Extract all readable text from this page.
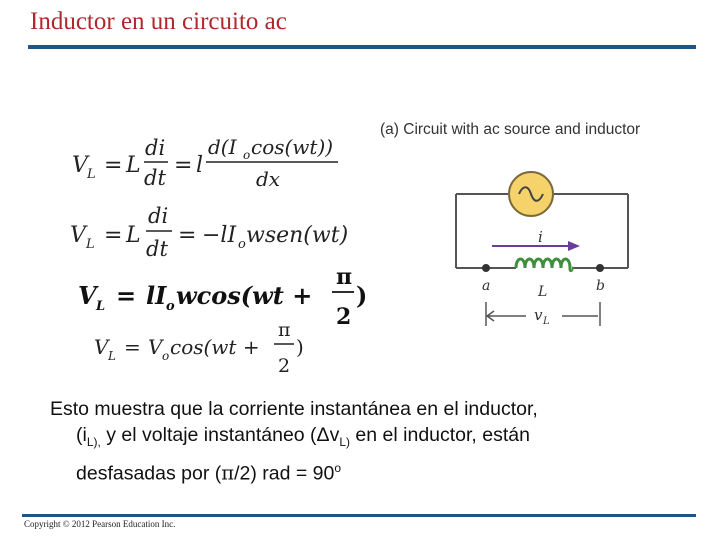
Inductor en un circuito ac
V L = L
di
dt = l
d(I o cos(wt))
dx
V L = L
di
dt
= −lI o wsen(wt)
V L = lI o wcos(wt +
π
2
)
V L = V o cos(wt +
π
2
)
(a) Circuit with ac source and inductor
i
a	b
L
v L
Esto muestra que la corriente instantánea en el inductor,
($i_{L),}$ y el voltaje instantáneo ($\Delta v_{L)}$ en el inductor, están
desfasadas por (π/2) rad = $90^o$
Copyright © 2012 Pearson Education Inc.
